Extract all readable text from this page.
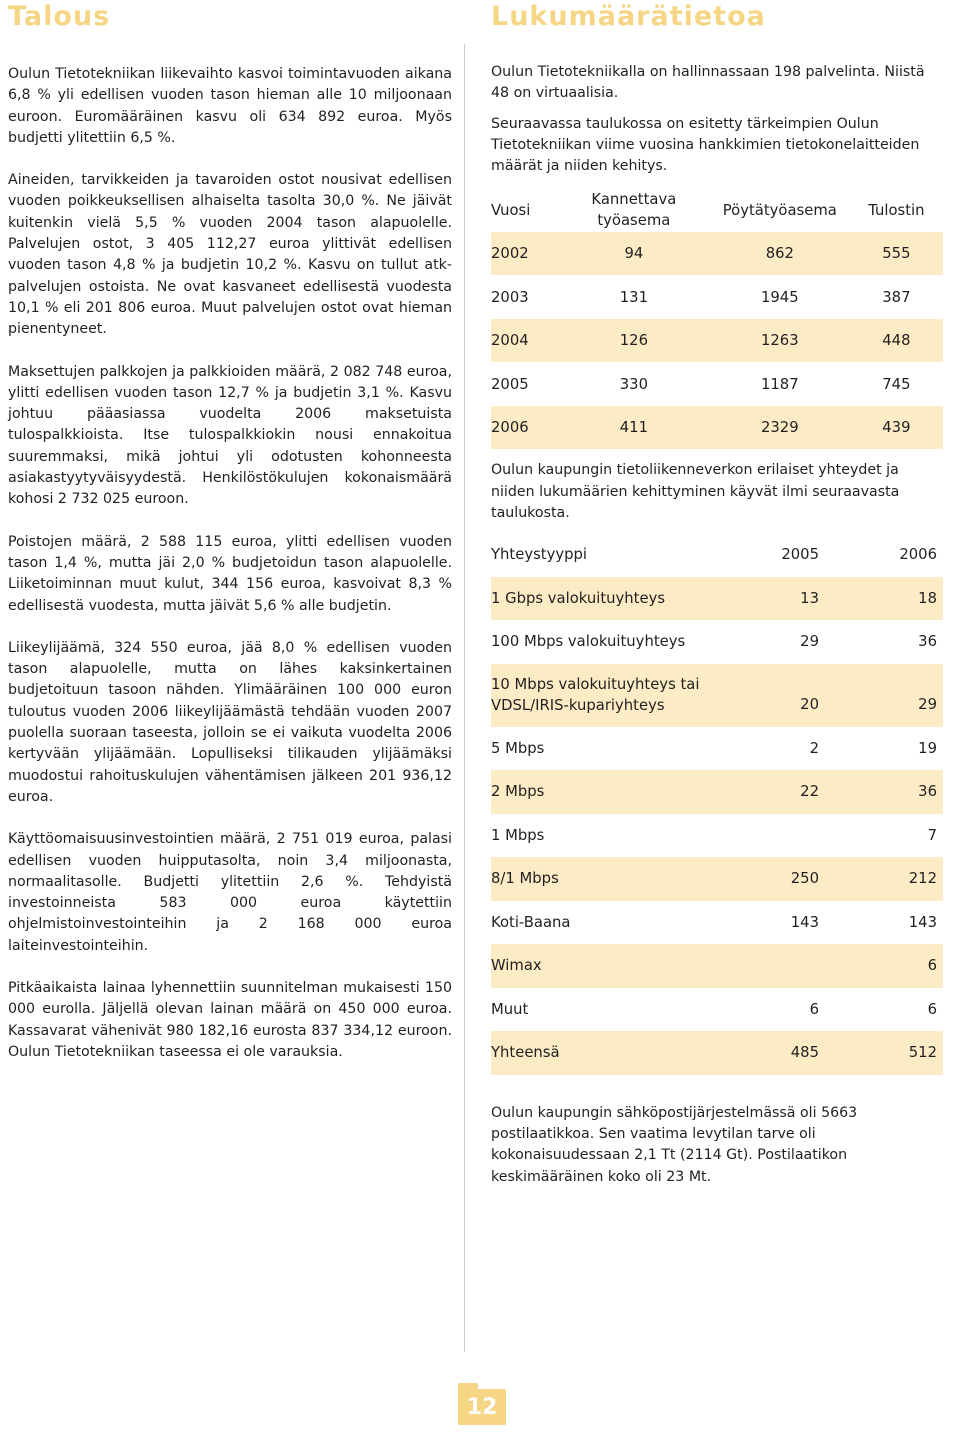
Talous	Lukumäärätietoa

Oulun Tietotekniikan liikevaihto kasvoi toimintavuoden aikana 6,8 % yli edellisen vuoden tason hieman alle 10 miljoonaan euroon. Euromääräinen kasvu oli 634 892 euroa. Myös budjetti ylitettiin 6,5 %.

Aineiden, tarvikkeiden ja tavaroiden ostot nousivat edellisen vuoden poikkeuksellisen alhaiselta tasolta 30,0 %. Ne jäivät kuitenkin vielä 5,5 % vuoden 2004 tason alapuolelle. Palvelujen ostot, 3 405 112,27 euroa ylittivät edellisen vuoden tason 4,8 % ja budjetin 10,2 %. Kasvu on tullut atk-palvelujen ostoista. Ne ovat kasvaneet edellisestä vuodesta 10,1 % eli 201 806 euroa. Muut palvelujen ostot ovat hieman pienentyneet.

Maksettujen palkkojen ja palkkioiden määrä, 2 082 748 euroa, ylitti edellisen vuoden tason 12,7 % ja budjetin 3,1 %. Kasvu johtuu pääasiassa vuodelta 2006 maksetuista tulospalkkioista. Itse tulospalkkiokin nousi ennakoitua suuremmaksi, mikä johtui yli odotusten kohonneesta asiakastyytyväisyydestä. Henkilöstökulujen kokonaismäärä kohosi 2 732 025 euroon.

Poistojen määrä, 2 588 115 euroa, ylitti edellisen vuoden tason 1,4 %, mutta jäi 2,0 % budjetoidun tason alapuolelle. Liiketoiminnan muut kulut, 344 156 euroa, kasvoivat 8,3 % edellisestä vuodesta, mutta jäivät 5,6 % alle budjetin.

Liikeylijäämä, 324 550 euroa, jää 8,0 % edellisen vuoden tason alapuolelle, mutta on lähes kaksinkertainen budjetoituun tasoon nähden. Ylimääräinen 100 000 euron tuloutus vuoden 2006 liikeylijäämästä tehdään vuoden 2007 puolella suoraan taseesta, jolloin se ei vaikuta vuodelta 2006 kertyvään ylijäämään. Lopulliseksi tilikauden ylijäämäksi muodostui rahoituskulujen vähentämisen jälkeen 201 936,12 euroa.

Käyttöomaisuusinvestointien määrä, 2 751 019 euroa, palasi edellisen vuoden huipputasolta, noin 3,4 miljoonasta, normaalitasolle. Budjetti ylitettiin 2,6 %. Tehdyistä investoinneista 583 000 euroa käytettiin ohjelmistoinvestointeihin ja 2 168 000 euroa laiteinvestointeihin.

Pitkäaikaista lainaa lyhennettiin suunnitelman mukaisesti 150 000 eurolla. Jäljellä olevan lainan määrä on 450 000 euroa. Kassavarat vähenivät 980 182,16 eurosta 837 334,12 euroon. Oulun Tietotekniikan taseessa ei ole varauksia.

Oulun Tietotekniikalla on hallinnassaan 198 palvelinta. Niistä 48 on virtuaalisia.

Seuraavassa taulukossa on esitetty tärkeimpien Oulun Tietotekniikan viime vuosina hankkimien tietokonelaitteiden määrät ja niiden kehitys.

Vuosi	Kannettava työasema	Pöytätyöasema	Tulostin
2002	94	862	555
2003	131	1945	387
2004	126	1263	448
2005	330	1187	745
2006	411	2329	439

Oulun kaupungin tietoliikenneverkon erilaiset yhteydet ja niiden lukumäärien kehittyminen käyvät ilmi seuraavasta taulukosta.

Yhteystyyppi	2005	2006
1 Gbps valokuituyhteys	13	18
100 Mbps valokuituyhteys	29	36
10 Mbps valokuituyhteys tai VDSL/IRIS-kupariyhteys	20	29
5 Mbps	2	19
2 Mbps	22	36
1 Mbps		7
8/1 Mbps	250	212
Koti-Baana	143	143
Wimax		6
Muut	6	6
Yhteensä	485	512

Oulun kaupungin sähköpostijärjestelmässä oli 5663 postilaatikkoa. Sen vaatima levytilan tarve oli kokonaisuudessaan 2,1 Tt (2114 Gt). Postilaatikon keskimääräinen koko oli 23 Mt.

12
